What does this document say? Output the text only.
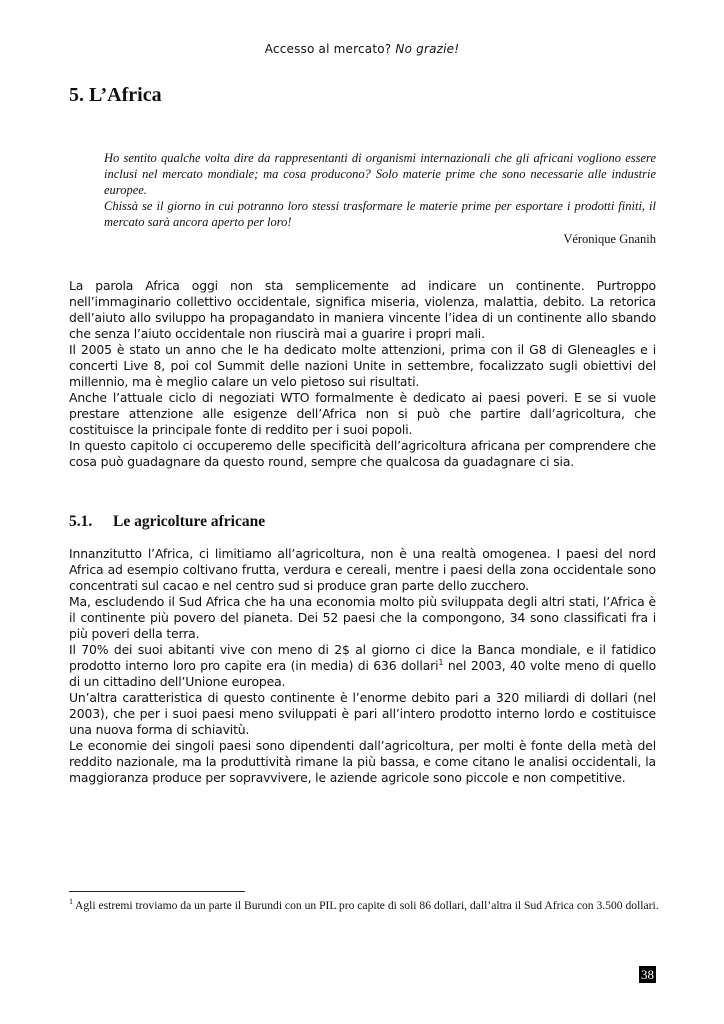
Accesso al mercato? No grazie!
5. L’Africa

Ho sentito qualche volta dire da rappresentanti di organismi internazionali che gli africani vogliono essere inclusi nel mercato mondiale; ma cosa producono? Solo materie prime che sono necessarie alle industrie europee.

Chissà se il giorno in cui potranno loro stessi trasformare le materie prime per esportare i prodotti finiti, il mercato sarà ancora aperto per loro!

Véronique Gnanih

La parola Africa oggi non sta semplicemente ad indicare un continente. Purtroppo nell’immaginario collettivo occidentale, significa miseria, violenza, malattia, debito. La retorica dell’aiuto allo sviluppo ha propagandato in maniera vincente l’idea di un continente allo sbando che senza l’aiuto occidentale non riuscirà mai a guarire i propri mali.

Il 2005 è stato un anno che le ha dedicato molte attenzioni, prima con il G8 di Gleneagles e i concerti Live 8, poi col Summit delle nazioni Unite in settembre, focalizzato sugli obiettivi del millennio, ma è meglio calare un velo pietoso sui risultati.

Anche l’attuale ciclo di negoziati WTO formalmente è dedicato ai paesi poveri. E se si vuole prestare attenzione alle esigenze dell’Africa non si può che partire dall’agricoltura, che costituisce la principale fonte di reddito per i suoi popoli.

In questo capitolo ci occuperemo delle specificità dell’agricoltura africana per comprendere che cosa può guadagnare da questo round, sempre che qualcosa da guadagnare ci sia.

5.1. Le agricolture africane

Innanzitutto l’Africa, ci limitiamo all’agricoltura, non è una realtà omogenea. I paesi del nord Africa ad esempio coltivano frutta, verdura e cereali, mentre i paesi della zona occidentale sono concentrati sul cacao e nel centro sud si produce gran parte dello zucchero.

Ma, escludendo il Sud Africa che ha una economia molto più sviluppata degli altri stati, l’Africa è il continente più povero del pianeta. Dei 52 paesi che la compongono, 34 sono classificati fra i più poveri della terra.

Il 70% dei suoi abitanti vive con meno di 2$ al giorno ci dice la Banca mondiale, e il fatidico prodotto interno loro pro capite era (in media) di 636 dollari$^1$ nel 2003, 40 volte meno di quello di un cittadino dell’Unione europea.

Un’altra caratteristica di questo continente è l’enorme debito pari a 320 miliardi di dollari (nel 2003), che per i suoi paesi meno sviluppati è pari all’intero prodotto interno lordo e costituisce una nuova forma di schiavitù.

Le economie dei singoli paesi sono dipendenti dall’agricoltura, per molti è fonte della metà del reddito nazionale, ma la produttività rimane la più bassa, e come citano le analisi occidentali, la maggioranza produce per sopravvivere, le aziende agricole sono piccole e non competitive.

$^1$ Agli estremi troviamo da un parte il Burundi con un PIL pro capite di soli 86 dollari, dall’altra il Sud Africa con 3.500 dollari.

38
